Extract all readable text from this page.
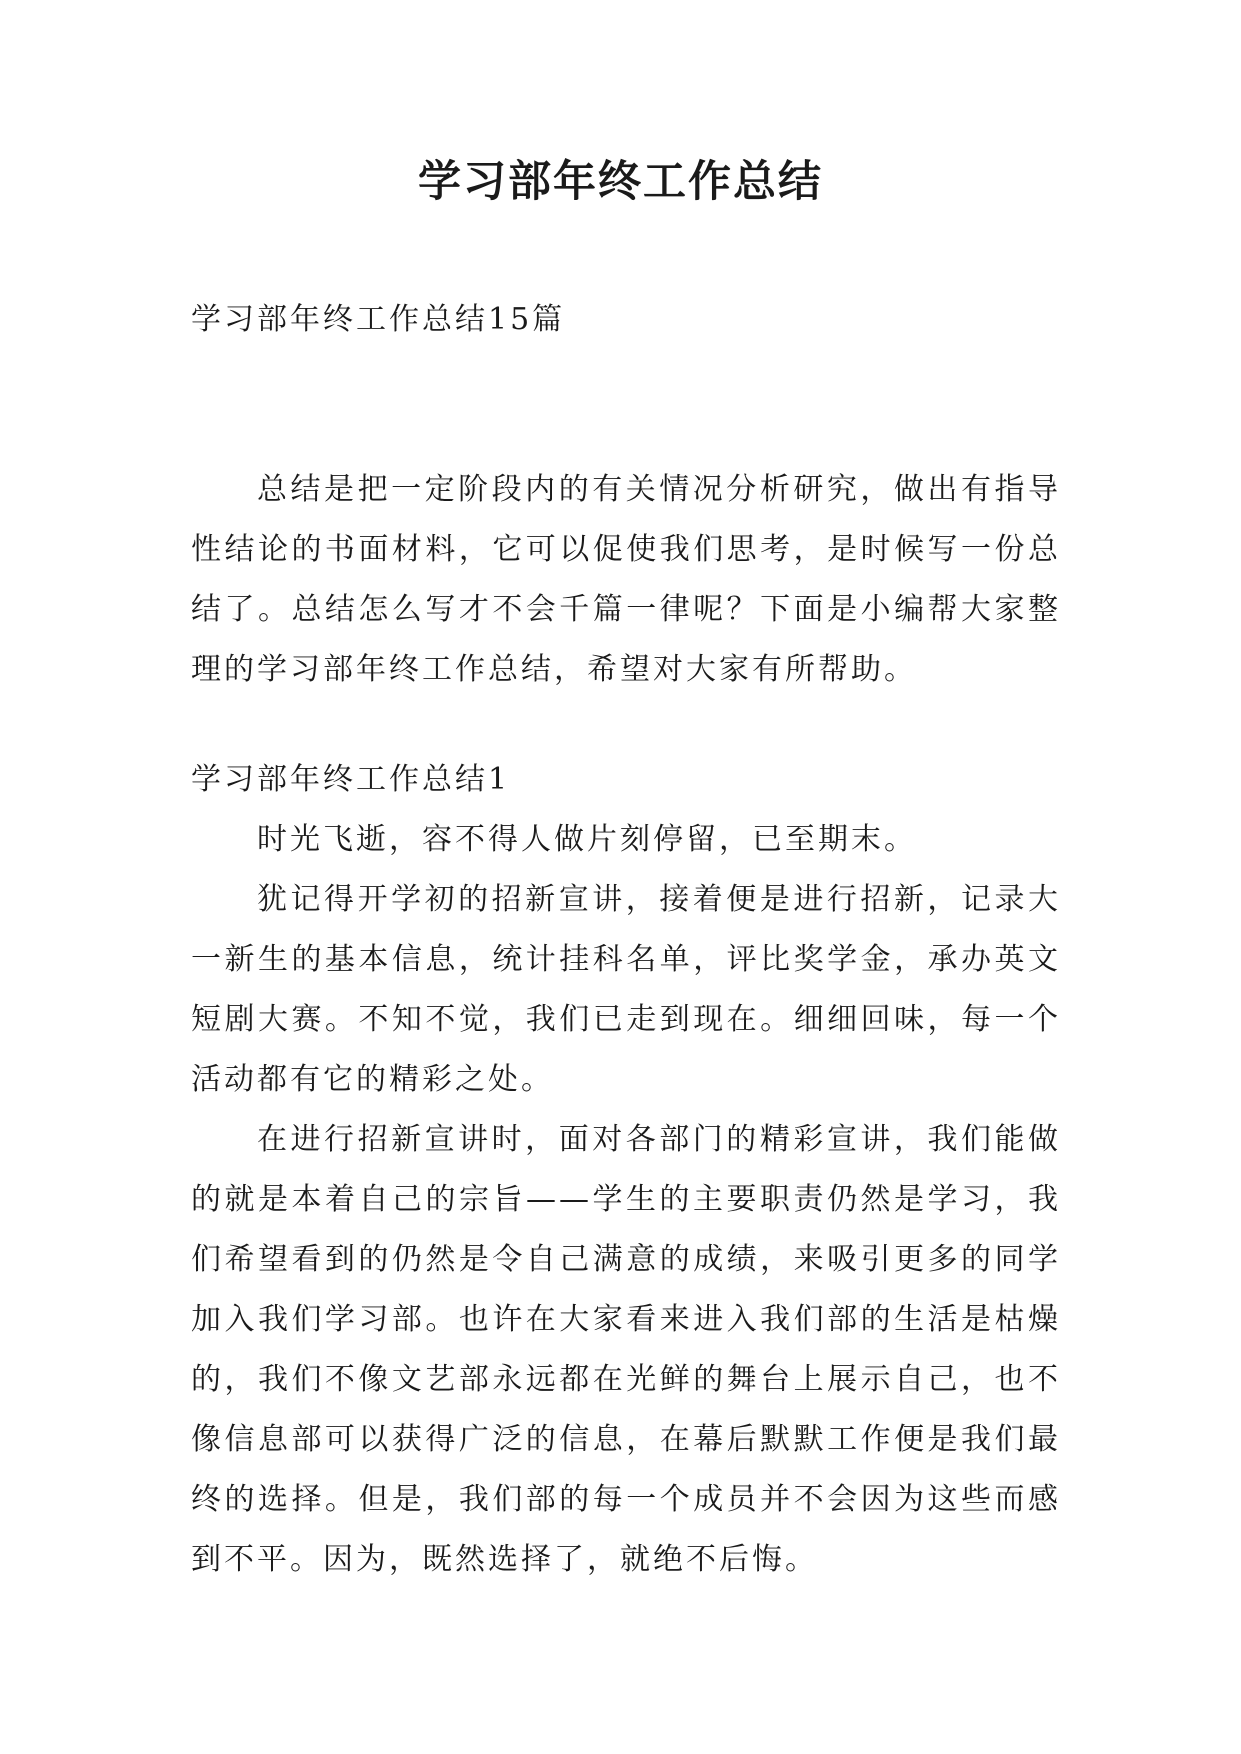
学习部年终工作总结
学习部年终工作总结15篇

总结是把一定阶段内的有关情况分析研究，做出有指导性结论的书面材料，它可以促使我们思考，是时候写一份总结了。总结怎么写才不会千篇一律呢？下面是小编帮大家整理的学习部年终工作总结，希望对大家有所帮助。

学习部年终工作总结1

时光飞逝，容不得人做片刻停留，已至期末。

犹记得开学初的招新宣讲，接着便是进行招新，记录大一新生的基本信息，统计挂科名单，评比奖学金，承办英文短剧大赛。不知不觉，我们已走到现在。细细回味，每一个活动都有它的精彩之处。

在进行招新宣讲时，面对各部门的精彩宣讲，我们能做的就是本着自己的宗旨——学生的主要职责仍然是学习，我们希望看到的仍然是令自己满意的成绩，来吸引更多的同学加入我们学习部。也许在大家看来进入我们部的生活是枯燥的，我们不像文艺部永远都在光鲜的舞台上展示自己，也不像信息部可以获得广泛的信息，在幕后默默工作便是我们最终的选择。但是，我们部的每一个成员并不会因为这些而感到不平。因为，既然选择了，就绝不后悔。
